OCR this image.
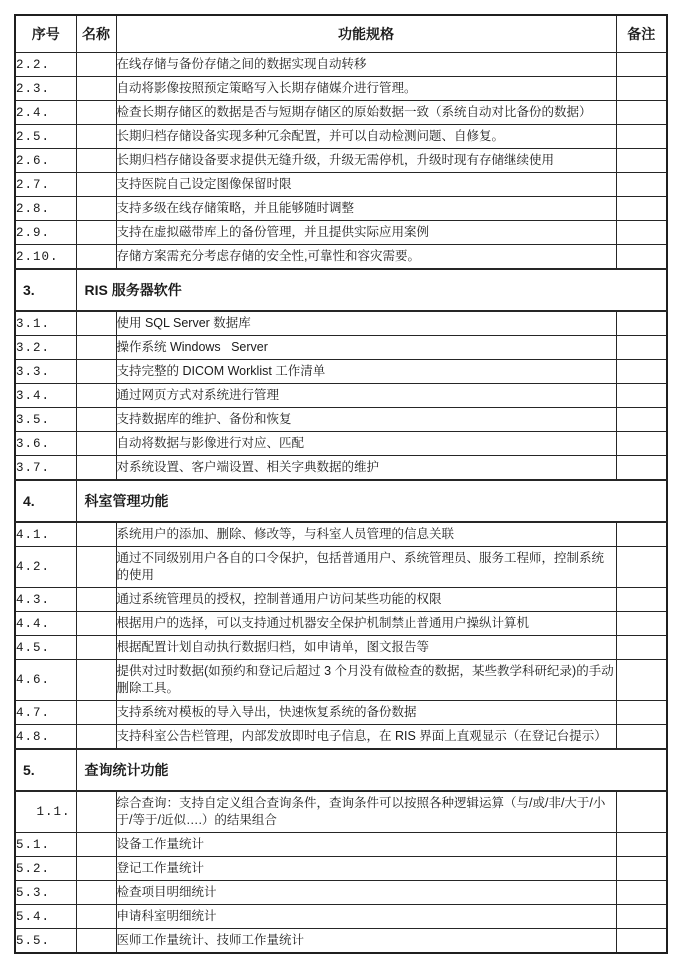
序号	名称	功能规格	备注
2.2.		在线存储与备份存储之间的数据实现自动转移	
2.3.		自动将影像按照预定策略写入长期存储媒介进行管理。	
2.4.		检查长期存储区的数据是否与短期存储区的原始数据一致（系统自动对比备份的数据）	
2.5.		长期归档存储设备实现多种冗余配置，并可以自动检测问题、自修复。	
2.6.		长期归档存储设备要求提供无缝升级，升级无需停机，升级时现有存储继续使用	
2.7.		支持医院自己设定图像保留时限	
2.8.		支持多级在线存储策略，并且能够随时调整	
2.9.		支持在虚拟磁带库上的备份管理，并且提供实际应用案例	
2.10.		存储方案需充分考虑存储的安全性,可靠性和容灾需要。	
3.	RIS 服务器软件		
3.1.		使用 SQL Server 数据库	
3.2.		操作系统 Windows   Server	
3.3.		支持完整的 DICOM Worklist 工作清单	
3.4.		通过网页方式对系统进行管理	
3.5.		支持数据库的维护、备份和恢复	
3.6.		自动将数据与影像进行对应、匹配	
3.7.		对系统设置、客户端设置、相关字典数据的维护	
4.	科室管理功能		
4.1.		系统用户的添加、删除、修改等，与科室人员管理的信息关联	
4.2.		通过不同级别用户各自的口令保护，包括普通用户、系统管理员、服务工程师，控制系统的使用	
4.3.		通过系统管理员的授权，控制普通用户访问某些功能的权限	
4.4.		根据用户的选择，可以支持通过机器安全保护机制禁止普通用户操纵计算机	
4.5.		根据配置计划自动执行数据归档，如申请单，图文报告等	
4.6.		提供对过时数据(如预约和登记后超过 3 个月没有做检查的数据，某些教学科研纪录)的手动删除工具。	
4.7.		支持系统对模板的导入导出，快速恢复系统的备份数据	
4.8.		支持科室公告栏管理，内部发放即时电子信息，在 RIS 界面上直观显示（在登记台提示）	
5.	查询统计功能		
1.1.		综合查询：支持自定义组合查询条件，查询条件可以按照各种逻辑运算（与/或/非/大于/小于/等于/近似….）的结果组合	
5.1.		设备工作量统计	
5.2.		登记工作量统计	
5.3.		检查项目明细统计	
5.4.		申请科室明细统计	
5.5.		医师工作量统计、技师工作量统计	
